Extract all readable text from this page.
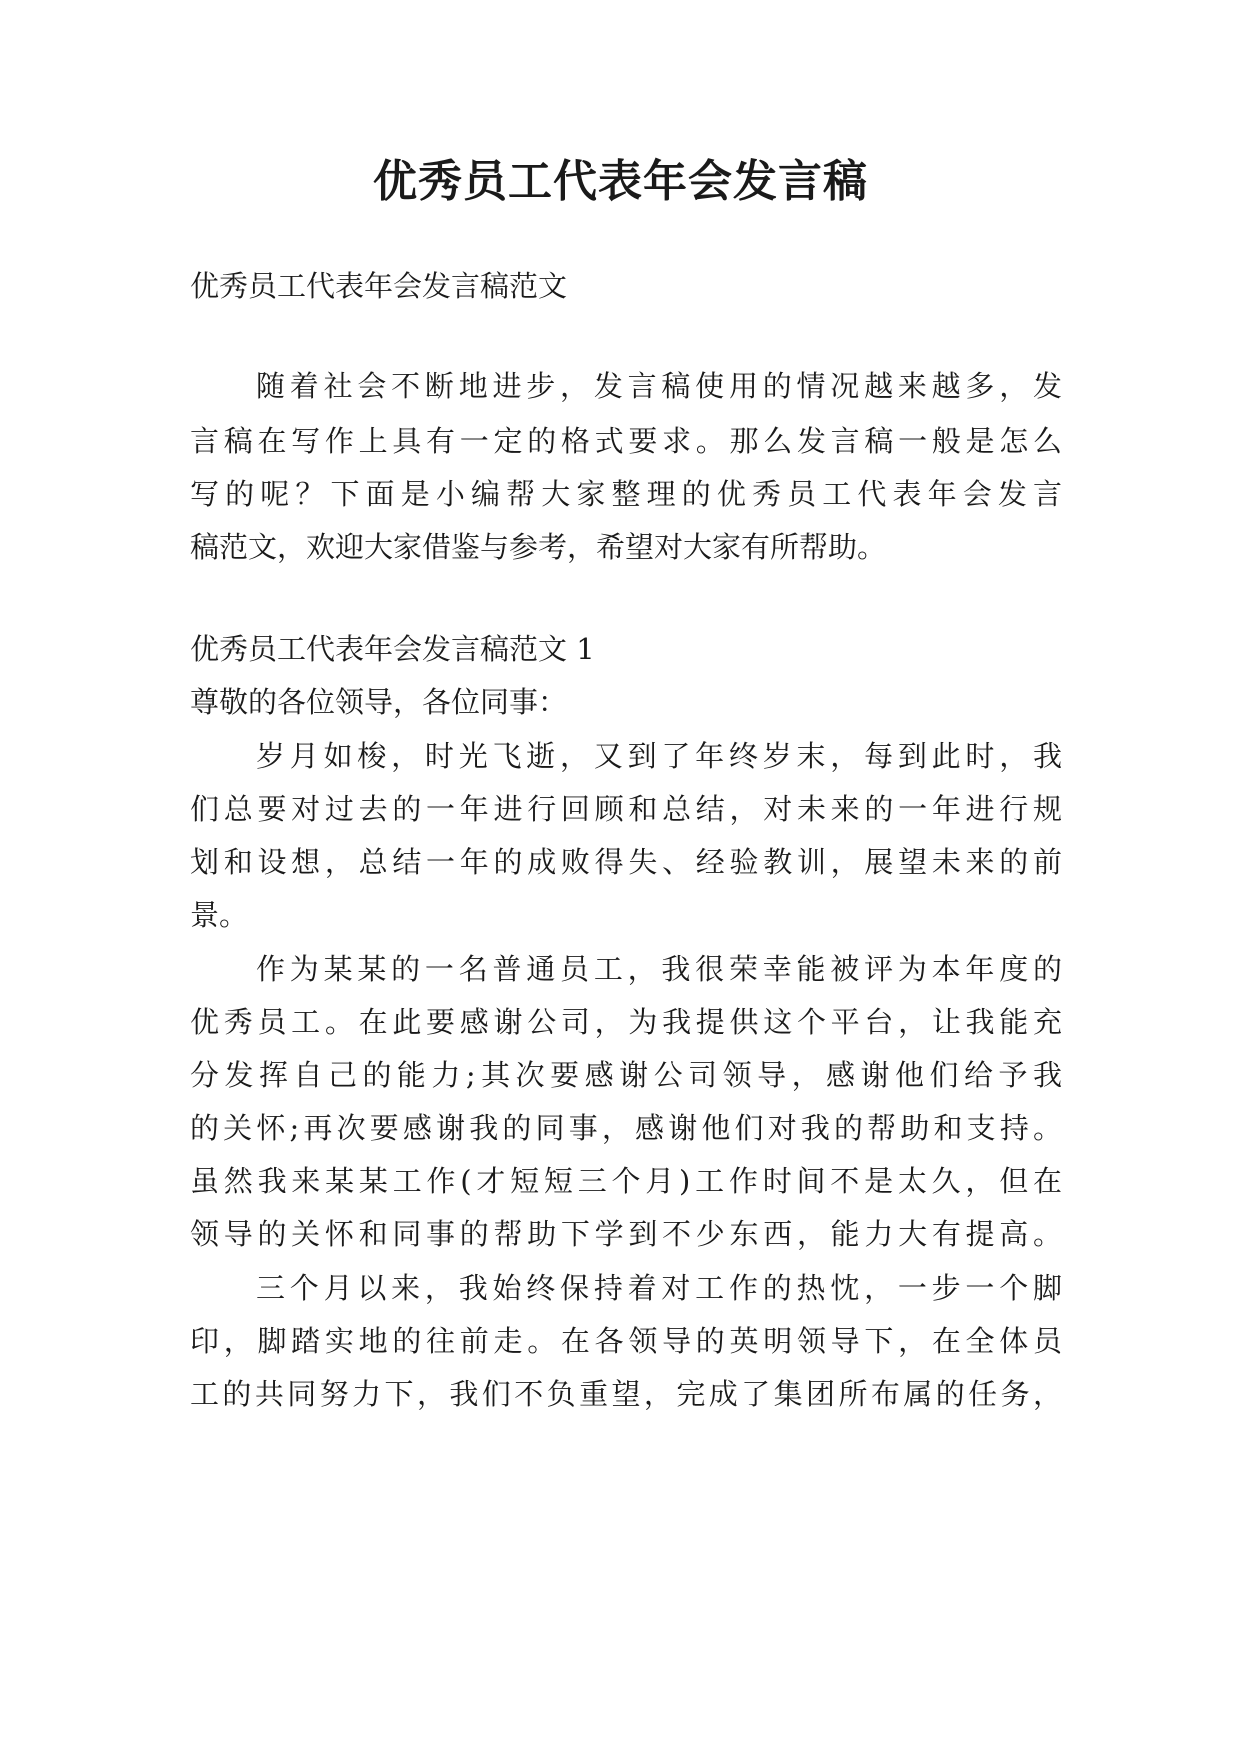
优秀员工代表年会发言稿
优秀员工代表年会发言稿范文
随着社会不断地进步，发言稿使用的情况越来越多，发
言稿在写作上具有一定的格式要求。那么发言稿一般是怎么
写的呢？下面是小编帮大家整理的优秀员工代表年会发言
稿范文，欢迎大家借鉴与参考，希望对大家有所帮助。
优秀员工代表年会发言稿范文 1
尊敬的各位领导，各位同事：
岁月如梭，时光飞逝，又到了年终岁末，每到此时，我
们总要对过去的一年进行回顾和总结，对未来的一年进行规
划和设想，总结一年的成败得失、经验教训，展望未来的前
景。
作为某某的一名普通员工，我很荣幸能被评为本年度的
优秀员工。在此要感谢公司，为我提供这个平台，让我能充
分发挥自己的能力;其次要感谢公司领导，感谢他们给予我
的关怀;再次要感谢我的同事，感谢他们对我的帮助和支持。
虽然我来某某工作(才短短三个月)工作时间不是太久，但在
领导的关怀和同事的帮助下学到不少东西，能力大有提高。
三个月以来，我始终保持着对工作的热忱，一步一个脚
印，脚踏实地的往前走。在各领导的英明领导下，在全体员
工的共同努力下，我们不负重望，完成了集团所布属的任务，
